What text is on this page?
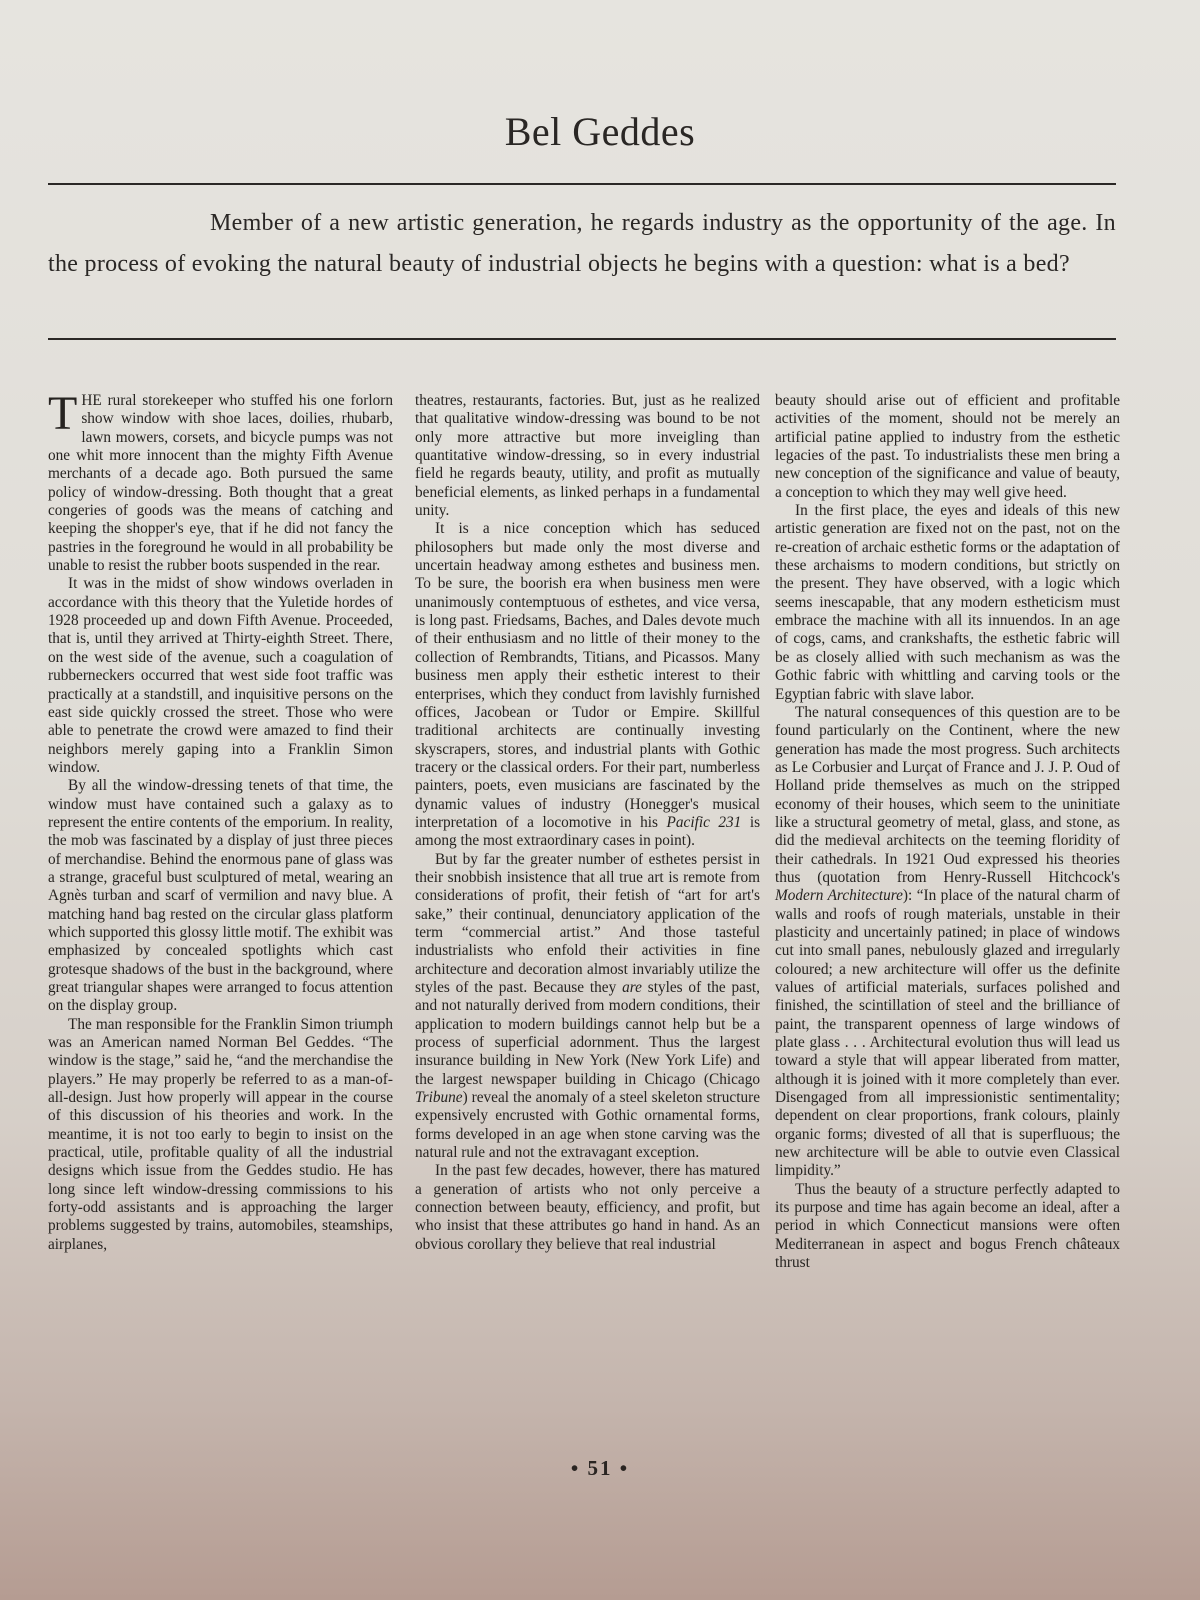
Bel Geddes
Member of a new artistic generation, he regards industry as the opportunity of the age. In the process of evoking the natural beauty of industrial objects he begins with a question: what is a bed?

THE rural storekeeper who stuffed his one forlorn show window with shoe laces, doilies, rhubarb, lawn mowers, corsets, and bicycle pumps was not one whit more innocent than the mighty Fifth Avenue merchants of a decade ago. Both pursued the same policy of window-dressing. Both thought that a great congeries of goods was the means of catching and keeping the shopper's eye, that if he did not fancy the pastries in the foreground he would in all probability be unable to resist the rubber boots suspended in the rear.

It was in the midst of show windows overladen in accordance with this theory that the Yuletide hordes of 1928 proceeded up and down Fifth Avenue. Proceeded, that is, until they arrived at Thirty-eighth Street. There, on the west side of the avenue, such a coagulation of rubberneckers occurred that west side foot traffic was practically at a standstill, and inquisitive persons on the east side quickly crossed the street. Those who were able to penetrate the crowd were amazed to find their neighbors merely gaping into a Franklin Simon window.

By all the window-dressing tenets of that time, the window must have contained such a galaxy as to represent the entire contents of the emporium. In reality, the mob was fascinated by a display of just three pieces of merchandise. Behind the enormous pane of glass was a strange, graceful bust sculptured of metal, wearing an Agnès turban and scarf of vermilion and navy blue. A matching hand bag rested on the circular glass platform which supported this glossy little motif. The exhibit was emphasized by concealed spotlights which cast grotesque shadows of the bust in the background, where great triangular shapes were arranged to focus attention on the display group.

The man responsible for the Franklin Simon triumph was an American named Norman Bel Geddes. “The window is the stage,” said he, “and the merchandise the players.” He may properly be referred to as a man-of-all-design. Just how properly will appear in the course of this discussion of his theories and work. In the meantime, it is not too early to begin to insist on the practical, utile, profitable quality of all the industrial designs which issue from the Geddes studio. He has long since left window-dressing commissions to his forty-odd assistants and is approaching the larger problems suggested by trains, automobiles, steamships, airplanes,

theatres, restaurants, factories. But, just as he realized that qualitative window-dressing was bound to be not only more attractive but more inveigling than quantitative window-dressing, so in every industrial field he regards beauty, utility, and profit as mutually beneficial elements, as linked perhaps in a fundamental unity.

It is a nice conception which has seduced philosophers but made only the most diverse and uncertain headway among esthetes and business men. To be sure, the boorish era when business men were unanimously contemptuous of esthetes, and vice versa, is long past. Friedsams, Baches, and Dales devote much of their enthusiasm and no little of their money to the collection of Rembrandts, Titians, and Picassos. Many business men apply their esthetic interest to their enterprises, which they conduct from lavishly furnished offices, Jacobean or Tudor or Empire. Skillful traditional architects are continually investing skyscrapers, stores, and industrial plants with Gothic tracery or the classical orders. For their part, numberless painters, poets, even musicians are fascinated by the dynamic values of industry (Honegger's musical interpretation of a locomotive in his Pacific 231 is among the most extraordinary cases in point).

But by far the greater number of esthetes persist in their snobbish insistence that all true art is remote from considerations of profit, their fetish of “art for art's sake,” their continual, denunciatory application of the term “commercial artist.” And those tasteful industrialists who enfold their activities in fine architecture and decoration almost invariably utilize the styles of the past. Because they are styles of the past, and not naturally derived from modern conditions, their application to modern buildings cannot help but be a process of superficial adornment. Thus the largest insurance building in New York (New York Life) and the largest newspaper building in Chicago (Chicago Tribune) reveal the anomaly of a steel skeleton structure expensively encrusted with Gothic ornamental forms, forms developed in an age when stone carving was the natural rule and not the extravagant exception.

In the past few decades, however, there has matured a generation of artists who not only perceive a connection between beauty, efficiency, and profit, but who insist that these attributes go hand in hand. As an obvious corollary they believe that real industrial

beauty should arise out of efficient and profitable activities of the moment, should not be merely an artificial patine applied to industry from the esthetic legacies of the past. To industrialists these men bring a new conception of the significance and value of beauty, a conception to which they may well give heed.

In the first place, the eyes and ideals of this new artistic generation are fixed not on the past, not on the re-creation of archaic esthetic forms or the adaptation of these archaisms to modern conditions, but strictly on the present. They have observed, with a logic which seems inescapable, that any modern estheticism must embrace the machine with all its innuendos. In an age of cogs, cams, and crankshafts, the esthetic fabric will be as closely allied with such mechanism as was the Gothic fabric with whittling and carving tools or the Egyptian fabric with slave labor.

The natural consequences of this question are to be found particularly on the Continent, where the new generation has made the most progress. Such architects as Le Corbusier and Lurçat of France and J. J. P. Oud of Holland pride themselves as much on the stripped economy of their houses, which seem to the uninitiate like a structural geometry of metal, glass, and stone, as did the medieval architects on the teeming floridity of their cathedrals. In 1921 Oud expressed his theories thus (quotation from Henry-Russell Hitchcock's Modern Architecture): “In place of the natural charm of walls and roofs of rough materials, unstable in their plasticity and uncertainly patined; in place of windows cut into small panes, nebulously glazed and irregularly coloured; a new architecture will offer us the definite values of artificial materials, surfaces polished and finished, the scintillation of steel and the brilliance of paint, the transparent openness of large windows of plate glass . . . Architectural evolution thus will lead us toward a style that will appear liberated from matter, although it is joined with it more completely than ever. Disengaged from all impressionistic sentimentality; dependent on clear proportions, frank colours, plainly organic forms; divested of all that is superfluous; the new architecture will be able to outvie even Classical limpidity.”

Thus the beauty of a structure perfectly adapted to its purpose and time has again become an ideal, after a period in which Connecticut mansions were often Mediterranean in aspect and bogus French châteaux thrust

• 51 •
